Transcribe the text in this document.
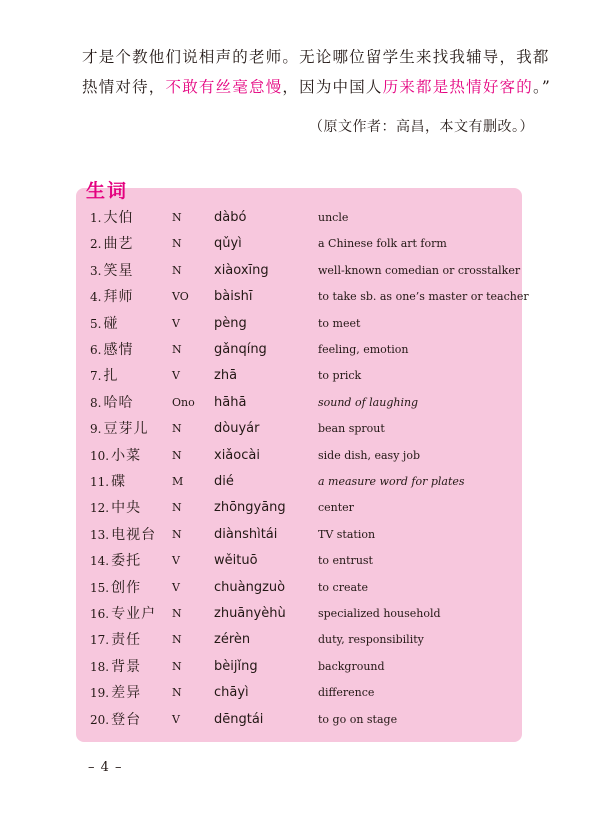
才是个教他们说相声的老师。无论哪位留学生来找我辅导，我都
热情对待，不敢有丝毫怠慢，因为中国人历来都是热情好客的。”
（原文作者：高昌，本文有删改。）
1. 大伯	N dàbó	uncle
2. 曲艺	N qǔyì	a Chinese folk art form
3. 笑星	N xiàoxīng	well-known comedian or crosstalker
4. 拜师	VO bàishī	to take sb. as one’s master or teacher
5. 碰	V	pèng	to meet
6. 感情	N gǎnqíng	feeling, emotion
7. 扎	V	zhā	to prick
8. 哈哈	Ono hāhā	sound of laughing
9. 豆芽儿 N dòuyár	bean sprout
10. 小菜	N xiǎocài	side dish, easy job
11. 碟	M dié	a measure word for plates
12. 中央	N zhōngyāng	center
13. 电视台 N diànshìtái	TV station
14. 委托	V	wěituō	to entrust
15. 创作	V	chuàngzuò	to create
16. 专业户 N zhuānyèhù	specialized household
17. 责任	N zérèn	duty, responsibility
18. 背景	N bèijǐng	background
19. 差异	N chāyì	difference
20. 登台	V	dēngtái	to go on stage
生词
– 4 –
